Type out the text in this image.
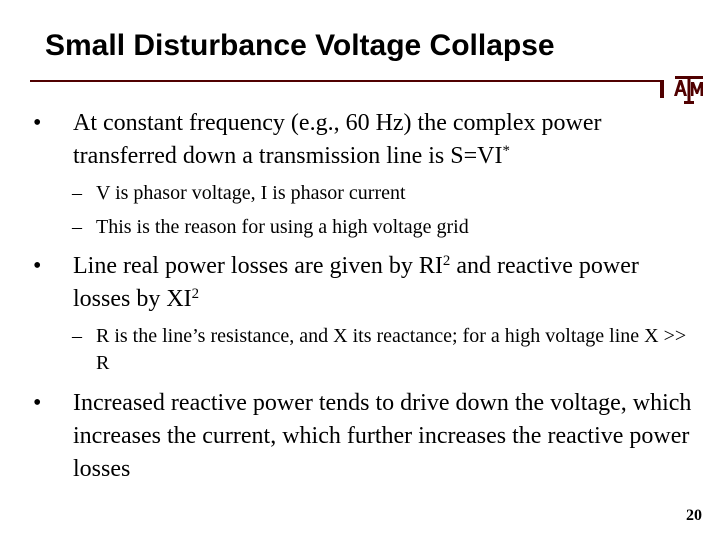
Small Disturbance Voltage Collapse
•	At constant frequency (e.g., 60 Hz) the complex power transferred down a transmission line is S=VI*
– V is phasor voltage, I is phasor current
– This is the reason for using a high voltage grid
•	Line real power losses are given by $RI^2$ and reactive power losses by $XI^2$
– R is the line’s resistance, and X its reactance; for a high voltage line X >> R
•	Increased reactive power tends to drive down the voltage, which increases the current, which further increases the reactive power losses
20
